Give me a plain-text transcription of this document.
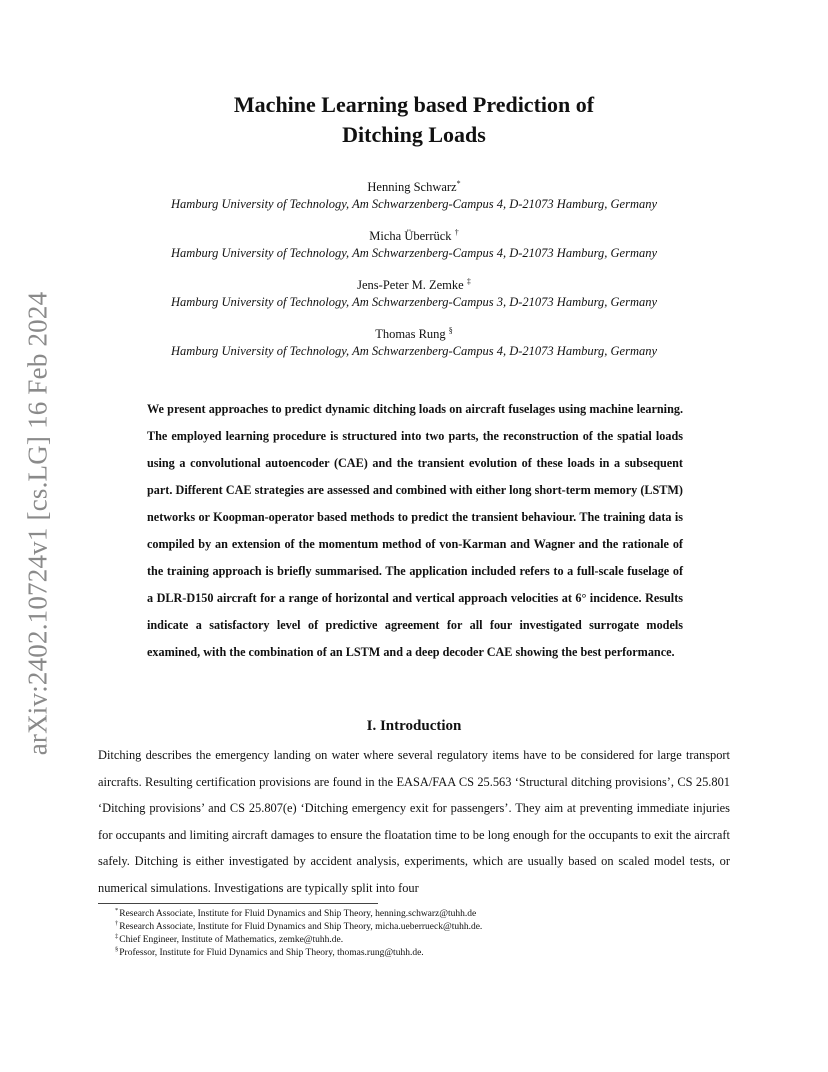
arXiv:2402.10724v1 [cs.LG] 16 Feb 2024
Machine Learning based Prediction of
Ditching Loads
Henning Schwarz*
Hamburg University of Technology, Am Schwarzenberg-Campus 4, D-21073 Hamburg, Germany
Micha Überrück †
Hamburg University of Technology, Am Schwarzenberg-Campus 4, D-21073 Hamburg, Germany
Jens-Peter M. Zemke ‡
Hamburg University of Technology, Am Schwarzenberg-Campus 3, D-21073 Hamburg, Germany
Thomas Rung §
Hamburg University of Technology, Am Schwarzenberg-Campus 4, D-21073 Hamburg, Germany
We present approaches to predict dynamic ditching loads on aircraft fuselages using machine learning. The employed learning procedure is structured into two parts, the reconstruction of the spatial loads using a convolutional autoencoder (CAE) and the transient evolution of these loads in a subsequent part. Different CAE strategies are assessed and combined with either long short-term memory (LSTM) networks or Koopman-operator based methods to predict the transient behaviour. The training data is compiled by an extension of the momentum method of von-Karman and Wagner and the rationale of the training approach is briefly summarised. The application included refers to a full-scale fuselage of a DLR-D150 aircraft for a range of horizontal and vertical approach velocities at 6° incidence. Results indicate a satisfactory level of predictive agreement for all four investigated surrogate models examined, with the combination of an LSTM and a deep decoder CAE showing the best performance.
I. Introduction
Ditching describes the emergency landing on water where several regulatory items have to be considered for large transport aircrafts. Resulting certification provisions are found in the EASA/FAA CS 25.563 ‘Structural ditching provisions’, CS 25.801 ‘Ditching provisions’ and CS 25.807(e) ‘Ditching emergency exit for passengers’. They aim at preventing immediate injuries for occupants and limiting aircraft damages to ensure the floatation time to be long enough for the occupants to exit the aircraft safely. Ditching is either investigated by accident analysis, experiments, which are usually based on scaled model tests, or numerical simulations. Investigations are typically split into four
*Research Associate, Institute for Fluid Dynamics and Ship Theory, henning.schwarz@tuhh.de
†Research Associate, Institute for Fluid Dynamics and Ship Theory, micha.ueberrueck@tuhh.de.
‡Chief Engineer, Institute of Mathematics, zemke@tuhh.de.
§Professor, Institute for Fluid Dynamics and Ship Theory, thomas.rung@tuhh.de.
